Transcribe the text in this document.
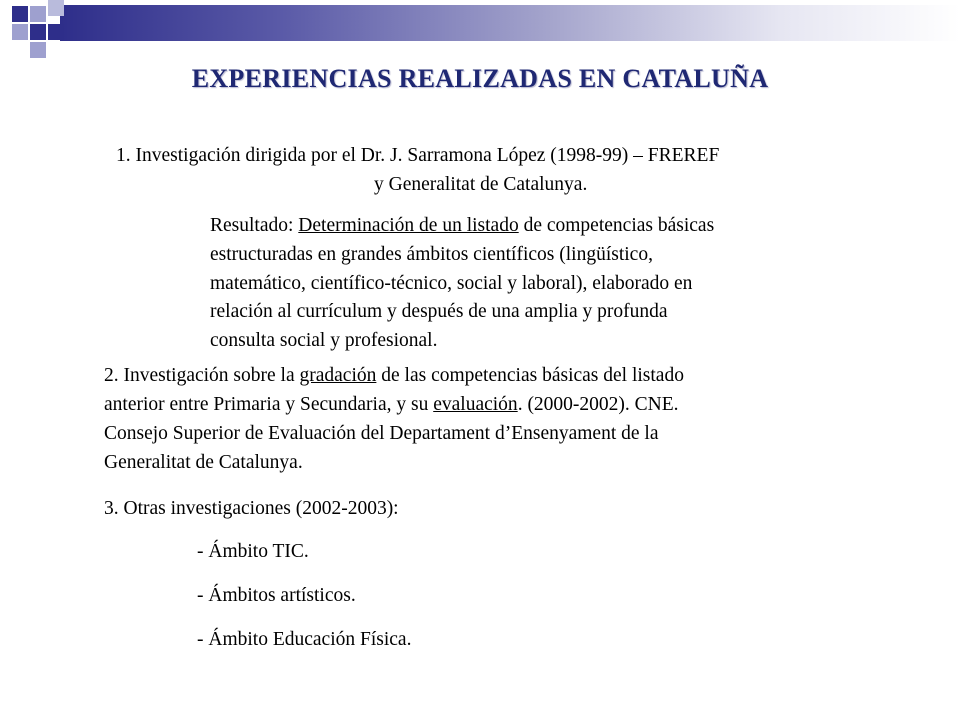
EXPERIENCIAS REALIZADAS EN CATALUÑA
1. Investigación dirigida por el Dr. J. Sarramona López (1998-99) – FREREF
y Generalitat de Catalunya.
Resultado: Determinación de un listado de competencias básicas
estructuradas en grandes ámbitos científicos (lingüístico,
matemático, científico-técnico, social y laboral), elaborado en
relación al currículum y después de una amplia y profunda
consulta social y profesional.
2. Investigación sobre la gradación de las competencias básicas del listado
anterior entre Primaria y Secundaria, y su evaluación. (2000-2002). CNE.
Consejo Superior de Evaluación del Departament d’Ensenyament de la
Generalitat de Catalunya.
3. Otras investigaciones (2002-2003):
- Ámbito TIC.
- Ámbitos artísticos.
- Ámbito Educación Física.
